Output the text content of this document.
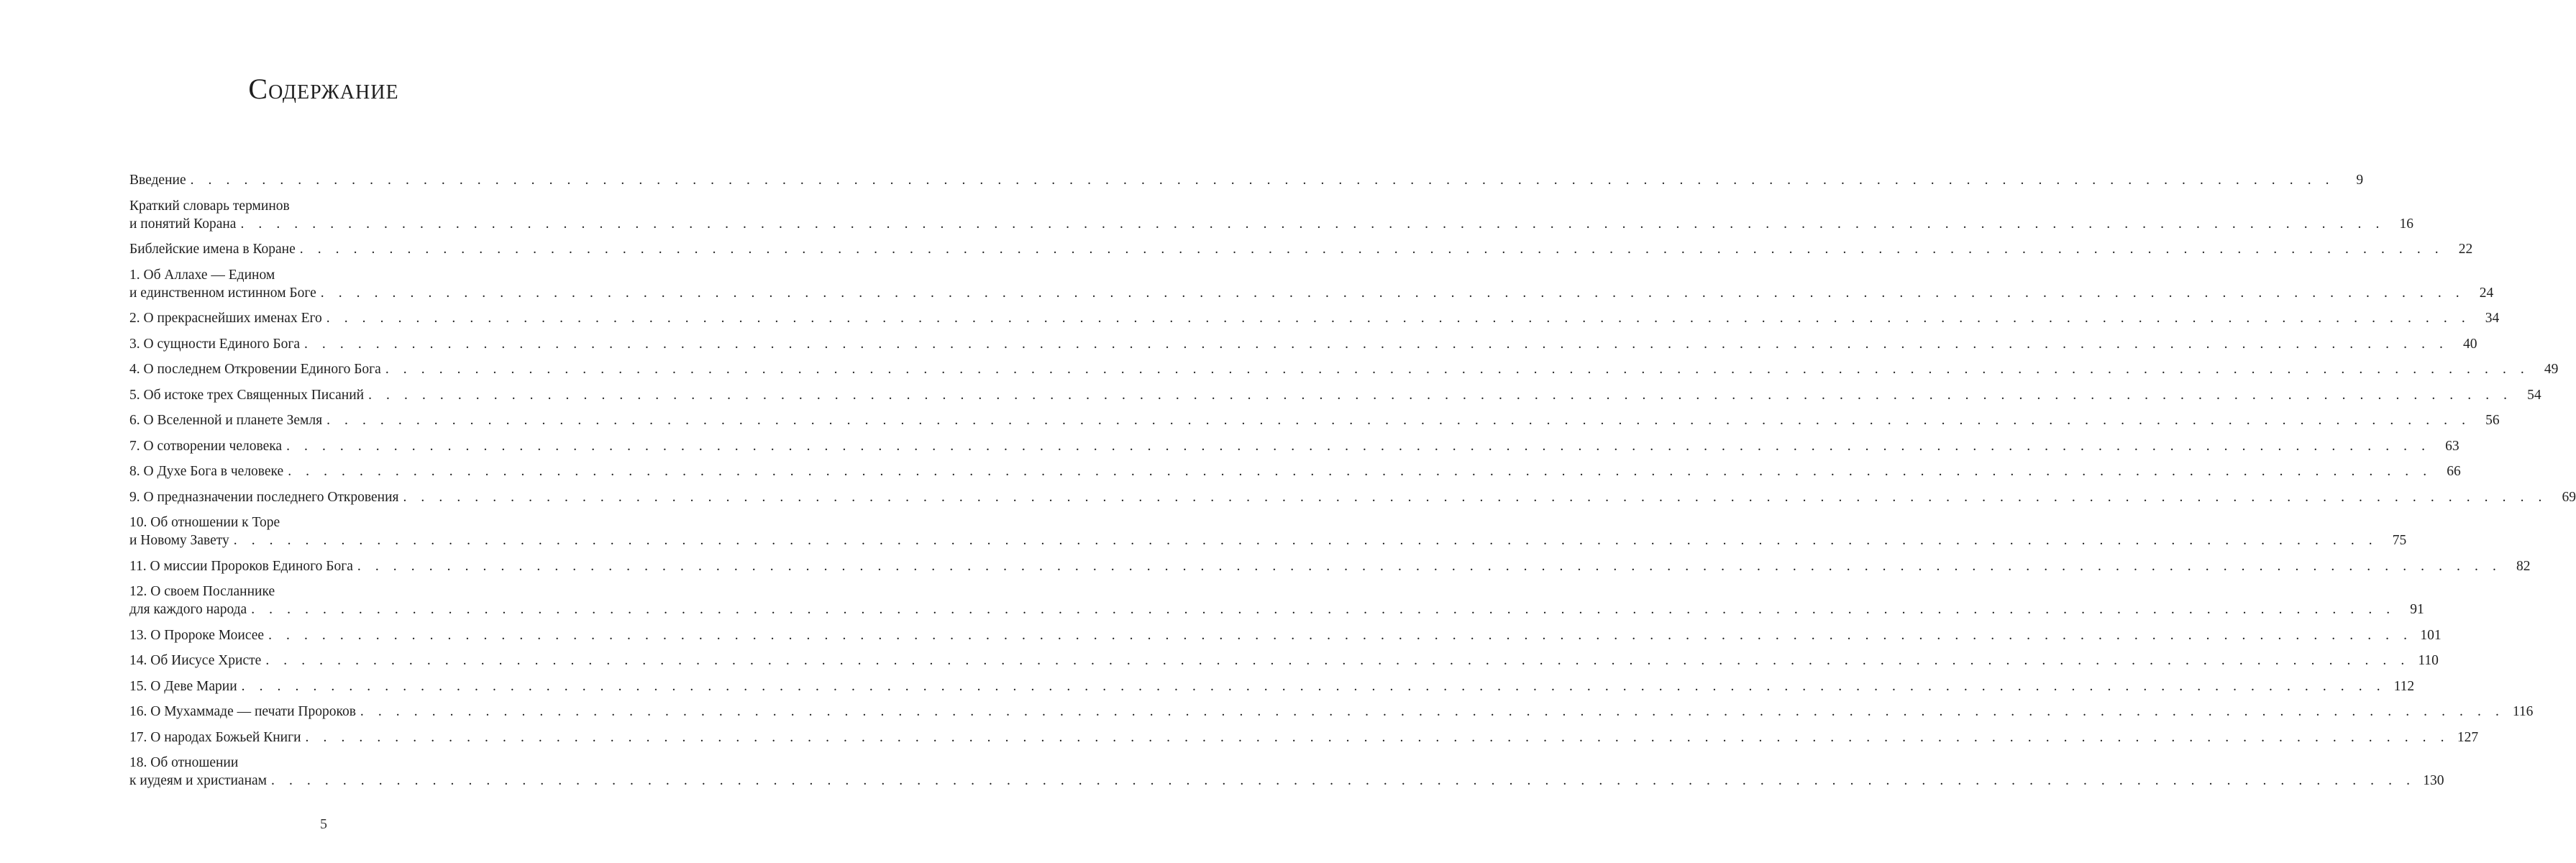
Содержание
Введение . . . . . . . . . . . . . . . . . . . . . . . . . . . . . . . . . . . . . . . . . . . . . . . . . . . . . . . . . . . . . . . . . . . . . . . . . . . . . . . . . . . . . . . . . . . . . . . . . . . . . . . . . . . . . . . . . . . . . . . .	9
Краткий словарь терминов
и понятий Корана . . . . . . . . . . . . . . . . . . . . . . . . . . . . . . . . . . . . . . . . . . . . . . . . . . . . . . . . . . . . . . . . . . . . . . . . . . . . . . . . . . . . . . . . . . . . . . . . . . . . . . . . . . . . . . . . . . . . . . . .	16
Библейские имена в Коране . . . . . . . . . . . . . . . . . . . . . . . . . . . . . . . . . . . . . . . . . . . . . . . . . . . . . . . . . . . . . . . . . . . . . . . . . . . . . . . . . . . . . . . . . . . . . . . . . . . . . . . . . . . . . . . . . . . . . . . .	22
1. Об Аллахе — Едином
и единственном истинном Боге . . . . . . . . . . . . . . . . . . . . . . . . . . . . . . . . . . . . . . . . . . . . . . . . . . . . . . . . . . . . . . . . . . . . . . . . . . . . . . . . . . . . . . . . . . . . . . . . . . . . . . . . . . . . . . . . . . . . . . . .	24
2. О прекраснейших именах Его . . . . . . . . . . . . . . . . . . . . . . . . . . . . . . . . . . . . . . . . . . . . . . . . . . . . . . . . . . . . . . . . . . . . . . . . . . . . . . . . . . . . . . . . . . . . . . . . . . . . . . . . . . . . . . . . . . . . . . . .	34
3. О сущности Единого Бога . . . . . . . . . . . . . . . . . . . . . . . . . . . . . . . . . . . . . . . . . . . . . . . . . . . . . . . . . . . . . . . . . . . . . . . . . . . . . . . . . . . . . . . . . . . . . . . . . . . . . . . . . . . . . . . . . . . . . . . .	40
4. О последнем Откровении Единого Бога . . . . . . . . . . . . . . . . . . . . . . . . . . . . . . . . . . . . . . . . . . . . . . . . . . . . . . . . . . . . . . . . . . . . . . . . . . . . . . . . . . . . . . . . . . . . . . . . . . . . . . . . . . . . . . . . . . . . . . . .	49
5. Об истоке трех Священных Писаний . . . . . . . . . . . . . . . . . . . . . . . . . . . . . . . . . . . . . . . . . . . . . . . . . . . . . . . . . . . . . . . . . . . . . . . . . . . . . . . . . . . . . . . . . . . . . . . . . . . . . . . . . . . . . . . . . . . . . . . .	54
6. О Вселенной и планете Земля . . . . . . . . . . . . . . . . . . . . . . . . . . . . . . . . . . . . . . . . . . . . . . . . . . . . . . . . . . . . . . . . . . . . . . . . . . . . . . . . . . . . . . . . . . . . . . . . . . . . . . . . . . . . . . . . . . . . . . . .	56
7. О сотворении человека . . . . . . . . . . . . . . . . . . . . . . . . . . . . . . . . . . . . . . . . . . . . . . . . . . . . . . . . . . . . . . . . . . . . . . . . . . . . . . . . . . . . . . . . . . . . . . . . . . . . . . . . . . . . . . . . . . . . . . . .	63
8. О Духе Бога в человеке . . . . . . . . . . . . . . . . . . . . . . . . . . . . . . . . . . . . . . . . . . . . . . . . . . . . . . . . . . . . . . . . . . . . . . . . . . . . . . . . . . . . . . . . . . . . . . . . . . . . . . . . . . . . . . . . . . . . . . . .	66
9. О предназначении последнего Откровения . . . . . . . . . . . . . . . . . . . . . . . . . . . . . . . . . . . . . . . . . . . . . . . . . . . . . . . . . . . . . . . . . . . . . . . . . . . . . . . . . . . . . . . . . . . . . . . . . . . . . . . . . . . . . . . . . . . . . . . .	69
10. Об отношении к Торе
и Новому Завету . . . . . . . . . . . . . . . . . . . . . . . . . . . . . . . . . . . . . . . . . . . . . . . . . . . . . . . . . . . . . . . . . . . . . . . . . . . . . . . . . . . . . . . . . . . . . . . . . . . . . . . . . . . . . . . . . . . . . . . .	75
11. О миссии Пророков Единого Бога . . . . . . . . . . . . . . . . . . . . . . . . . . . . . . . . . . . . . . . . . . . . . . . . . . . . . . . . . . . . . . . . . . . . . . . . . . . . . . . . . . . . . . . . . . . . . . . . . . . . . . . . . . . . . . . . . . . . . . . .	82
12. О своем Посланнике
для каждого народа . . . . . . . . . . . . . . . . . . . . . . . . . . . . . . . . . . . . . . . . . . . . . . . . . . . . . . . . . . . . . . . . . . . . . . . . . . . . . . . . . . . . . . . . . . . . . . . . . . . . . . . . . . . . . . . . . . . . . . . .	91
13. О Пророке Моисее . . . . . . . . . . . . . . . . . . . . . . . . . . . . . . . . . . . . . . . . . . . . . . . . . . . . . . . . . . . . . . . . . . . . . . . . . . . . . . . . . . . . . . . . . . . . . . . . . . . . . . . . . . . . . . . . . . . . . . . . 101
14. Об Иисусе Христе . . . . . . . . . . . . . . . . . . . . . . . . . . . . . . . . . . . . . . . . . . . . . . . . . . . . . . . . . . . . . . . . . . . . . . . . . . . . . . . . . . . . . . . . . . . . . . . . . . . . . . . . . . . . . . . . . . . . . . . . 110
15. О Деве Марии . . . . . . . . . . . . . . . . . . . . . . . . . . . . . . . . . . . . . . . . . . . . . . . . . . . . . . . . . . . . . . . . . . . . . . . . . . . . . . . . . . . . . . . . . . . . . . . . . . . . . . . . . . . . . . . . . . . . . . . . 112
16. О Мухаммаде — печати Пророков . . . . . . . . . . . . . . . . . . . . . . . . . . . . . . . . . . . . . . . . . . . . . . . . . . . . . . . . . . . . . . . . . . . . . . . . . . . . . . . . . . . . . . . . . . . . . . . . . . . . . . . . . . . . . . . . . . . . . . . . 116
17. О народах Божьей Книги . . . . . . . . . . . . . . . . . . . . . . . . . . . . . . . . . . . . . . . . . . . . . . . . . . . . . . . . . . . . . . . . . . . . . . . . . . . . . . . . . . . . . . . . . . . . . . . . . . . . . . . . . . . . . . . . . . . . . . . . 127
18. Об отношении
к иудеям и христианам . . . . . . . . . . . . . . . . . . . . . . . . . . . . . . . . . . . . . . . . . . . . . . . . . . . . . . . . . . . . . . . . . . . . . . . . . . . . . . . . . . . . . . . . . . . . . . . . . . . . . . . . . . . . . . . . . . . . . . . . 130
5
